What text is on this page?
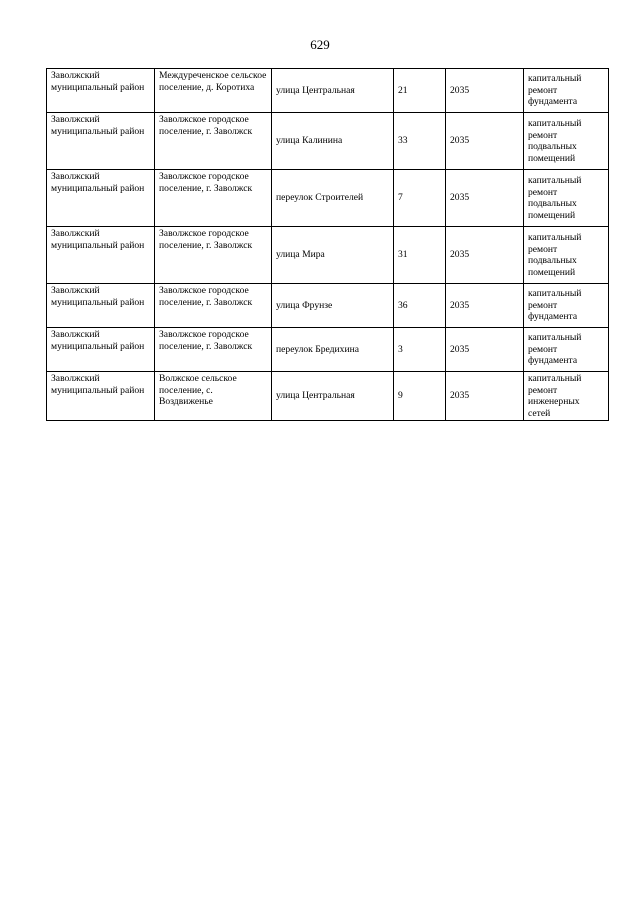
629
Заволжский муниципальный район	Междуреченское сельское поселение, д. Коротиха	улица Центральная	21	2035	капитальный ремонт фундамента
Заволжский муниципальный район	Заволжское городское поселение, г. Заволжск	улица Калинина	33	2035	капитальный ремонт подвальных помещений
Заволжский муниципальный район	Заволжское городское поселение, г. Заволжск	переулок Строителей	7	2035	капитальный ремонт подвальных помещений
Заволжский муниципальный район	Заволжское городское поселение, г. Заволжск	улица Мира	31	2035	капитальный ремонт подвальных помещений
Заволжский муниципальный район	Заволжское городское поселение, г. Заволжск	улица Фрунзе	36	2035	капитальный ремонт фундамента
Заволжский муниципальный район	Заволжское городское поселение, г. Заволжск	переулок Бредихина	3	2035	капитальный ремонт фундамента
Заволжский муниципальный район	Волжское сельское поселение, с. Воздвиженье	улица Центральная	9	2035	капитальный ремонт инженерных сетей
